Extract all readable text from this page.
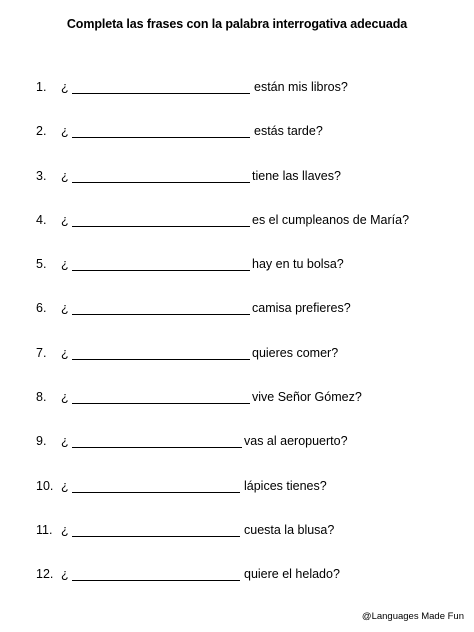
Completa las frases con la palabra interrogativa adecuada
1. ¿	están mis libros?
2. ¿	estás tarde?
3. ¿	tiene las llaves?
4. ¿	es el cumpleanos de María?
5. ¿	hay en tu bolsa?
6. ¿	camisa prefieres?
7. ¿	quieres comer?
8. ¿	vive Señor Gómez?
9. ¿	vas al aeropuerto?
10. ¿	lápices tienes?
11. ¿	cuesta la blusa?
12. ¿	quiere el helado?
@Languages Made Fun
